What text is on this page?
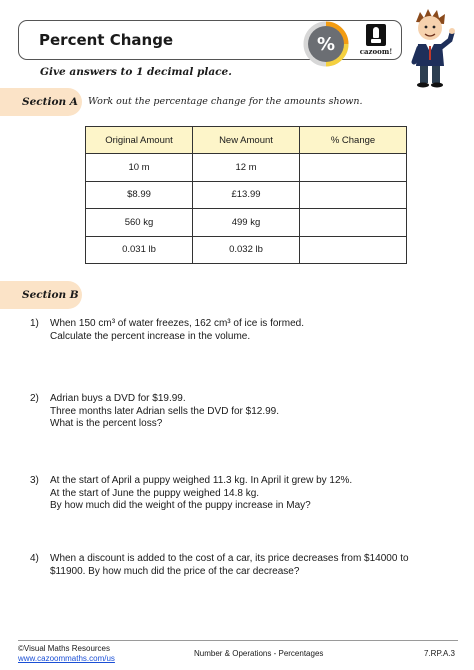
Percent Change	%	cazoom!
Give answers to 1 decimal place.
Section A	Work out the percentage change for the amounts shown.
Original Amount	New Amount	% Change
10 m	12 m	
$8.99	£13.99	
560 kg	499 kg	
0.031 lb	0.032 lb	
Section B
1) When 150 cm³ of water freezes, 162 cm³ of ice is formed.
Calculate the percent increase in the volume.
2) Adrian buys a DVD for $19.99.
Three months later Adrian sells the DVD for $12.99.
What is the percent loss?
3) At the start of April a puppy weighed 11.3 kg. In April it grew by 12%.
At the start of June the puppy weighed 14.8 kg.
By how much did the weight of the puppy increase in May?
4) When a discount is added to the cost of a car, its price decreases from $14000 to
$11900. By how much did the price of the car decrease?
©Visual Maths Resources
www.cazoommaths.com/us
Number & Operations - Percentages	7.RP.A.3
